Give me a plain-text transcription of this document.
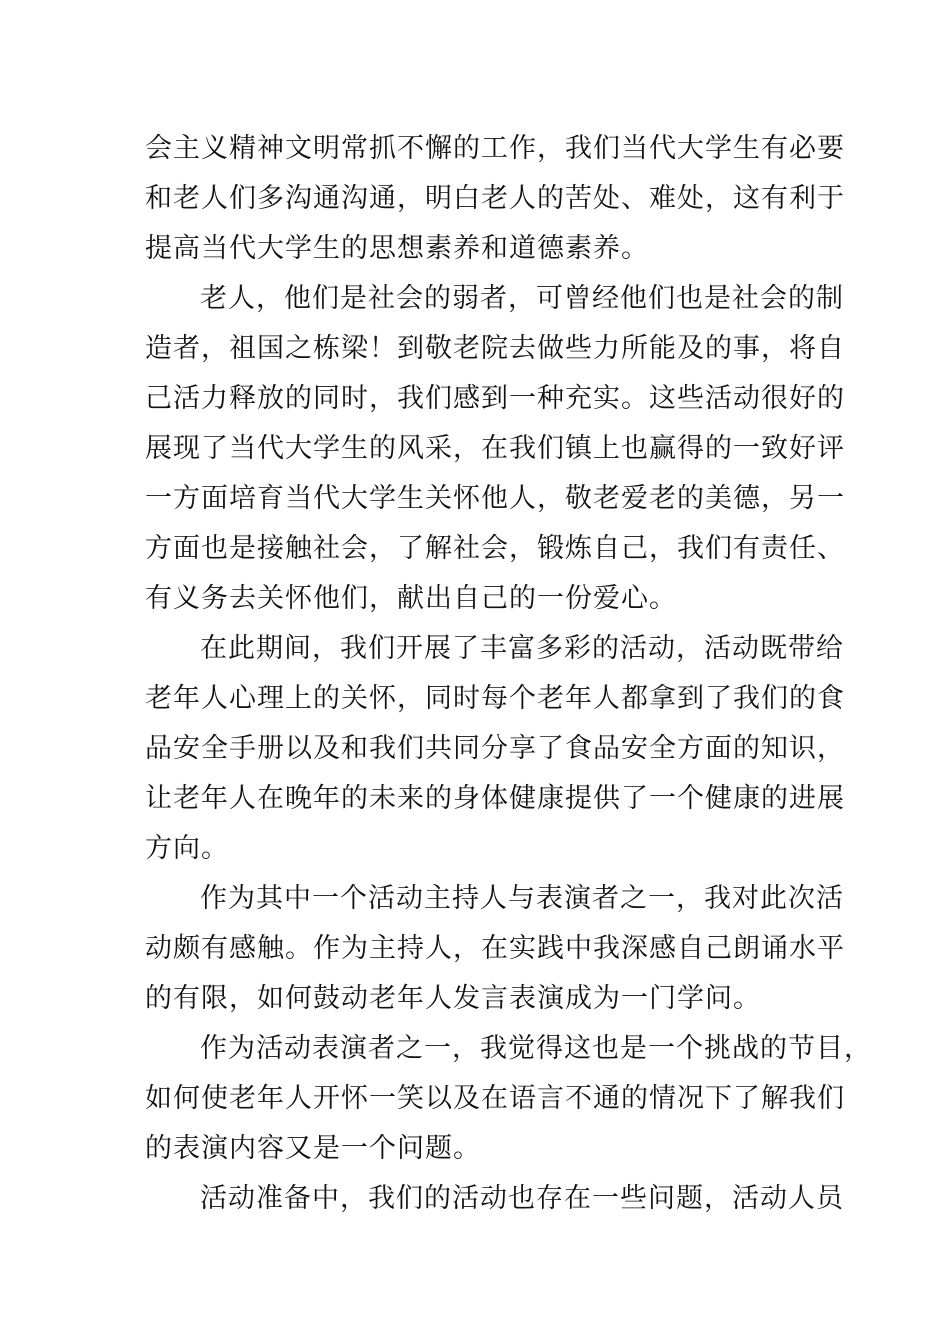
会主义精神文明常抓不懈的工作，我们当代大学生有必要
和老人们多沟通沟通，明白老人的苦处、难处，这有利于
提高当代大学生的思想素养和道德素养。
老人，他们是社会的弱者，可曾经他们也是社会的制
造者，祖国之栋梁！到敬老院去做些力所能及的事，将自
己活力释放的同时，我们感到一种充实。这些活动很好的
展现了当代大学生的风采，在我们镇上也赢得的一致好评
一方面培育当代大学生关怀他人，敬老爱老的美德，另一
方面也是接触社会，了解社会，锻炼自己，我们有责任、
有义务去关怀他们，献出自己的一份爱心。
在此期间，我们开展了丰富多彩的活动，活动既带给
老年人心理上的关怀，同时每个老年人都拿到了我们的食
品安全手册以及和我们共同分享了食品安全方面的知识，
让老年人在晚年的未来的身体健康提供了一个健康的进展
方向。
作为其中一个活动主持人与表演者之一，我对此次活
动颇有感触。作为主持人，在实践中我深感自己朗诵水平
的有限，如何鼓动老年人发言表演成为一门学问。
作为活动表演者之一，我觉得这也是一个挑战的节目，
如何使老年人开怀一笑以及在语言不通的情况下了解我们
的表演内容又是一个问题。
活动准备中，我们的活动也存在一些问题，活动人员
